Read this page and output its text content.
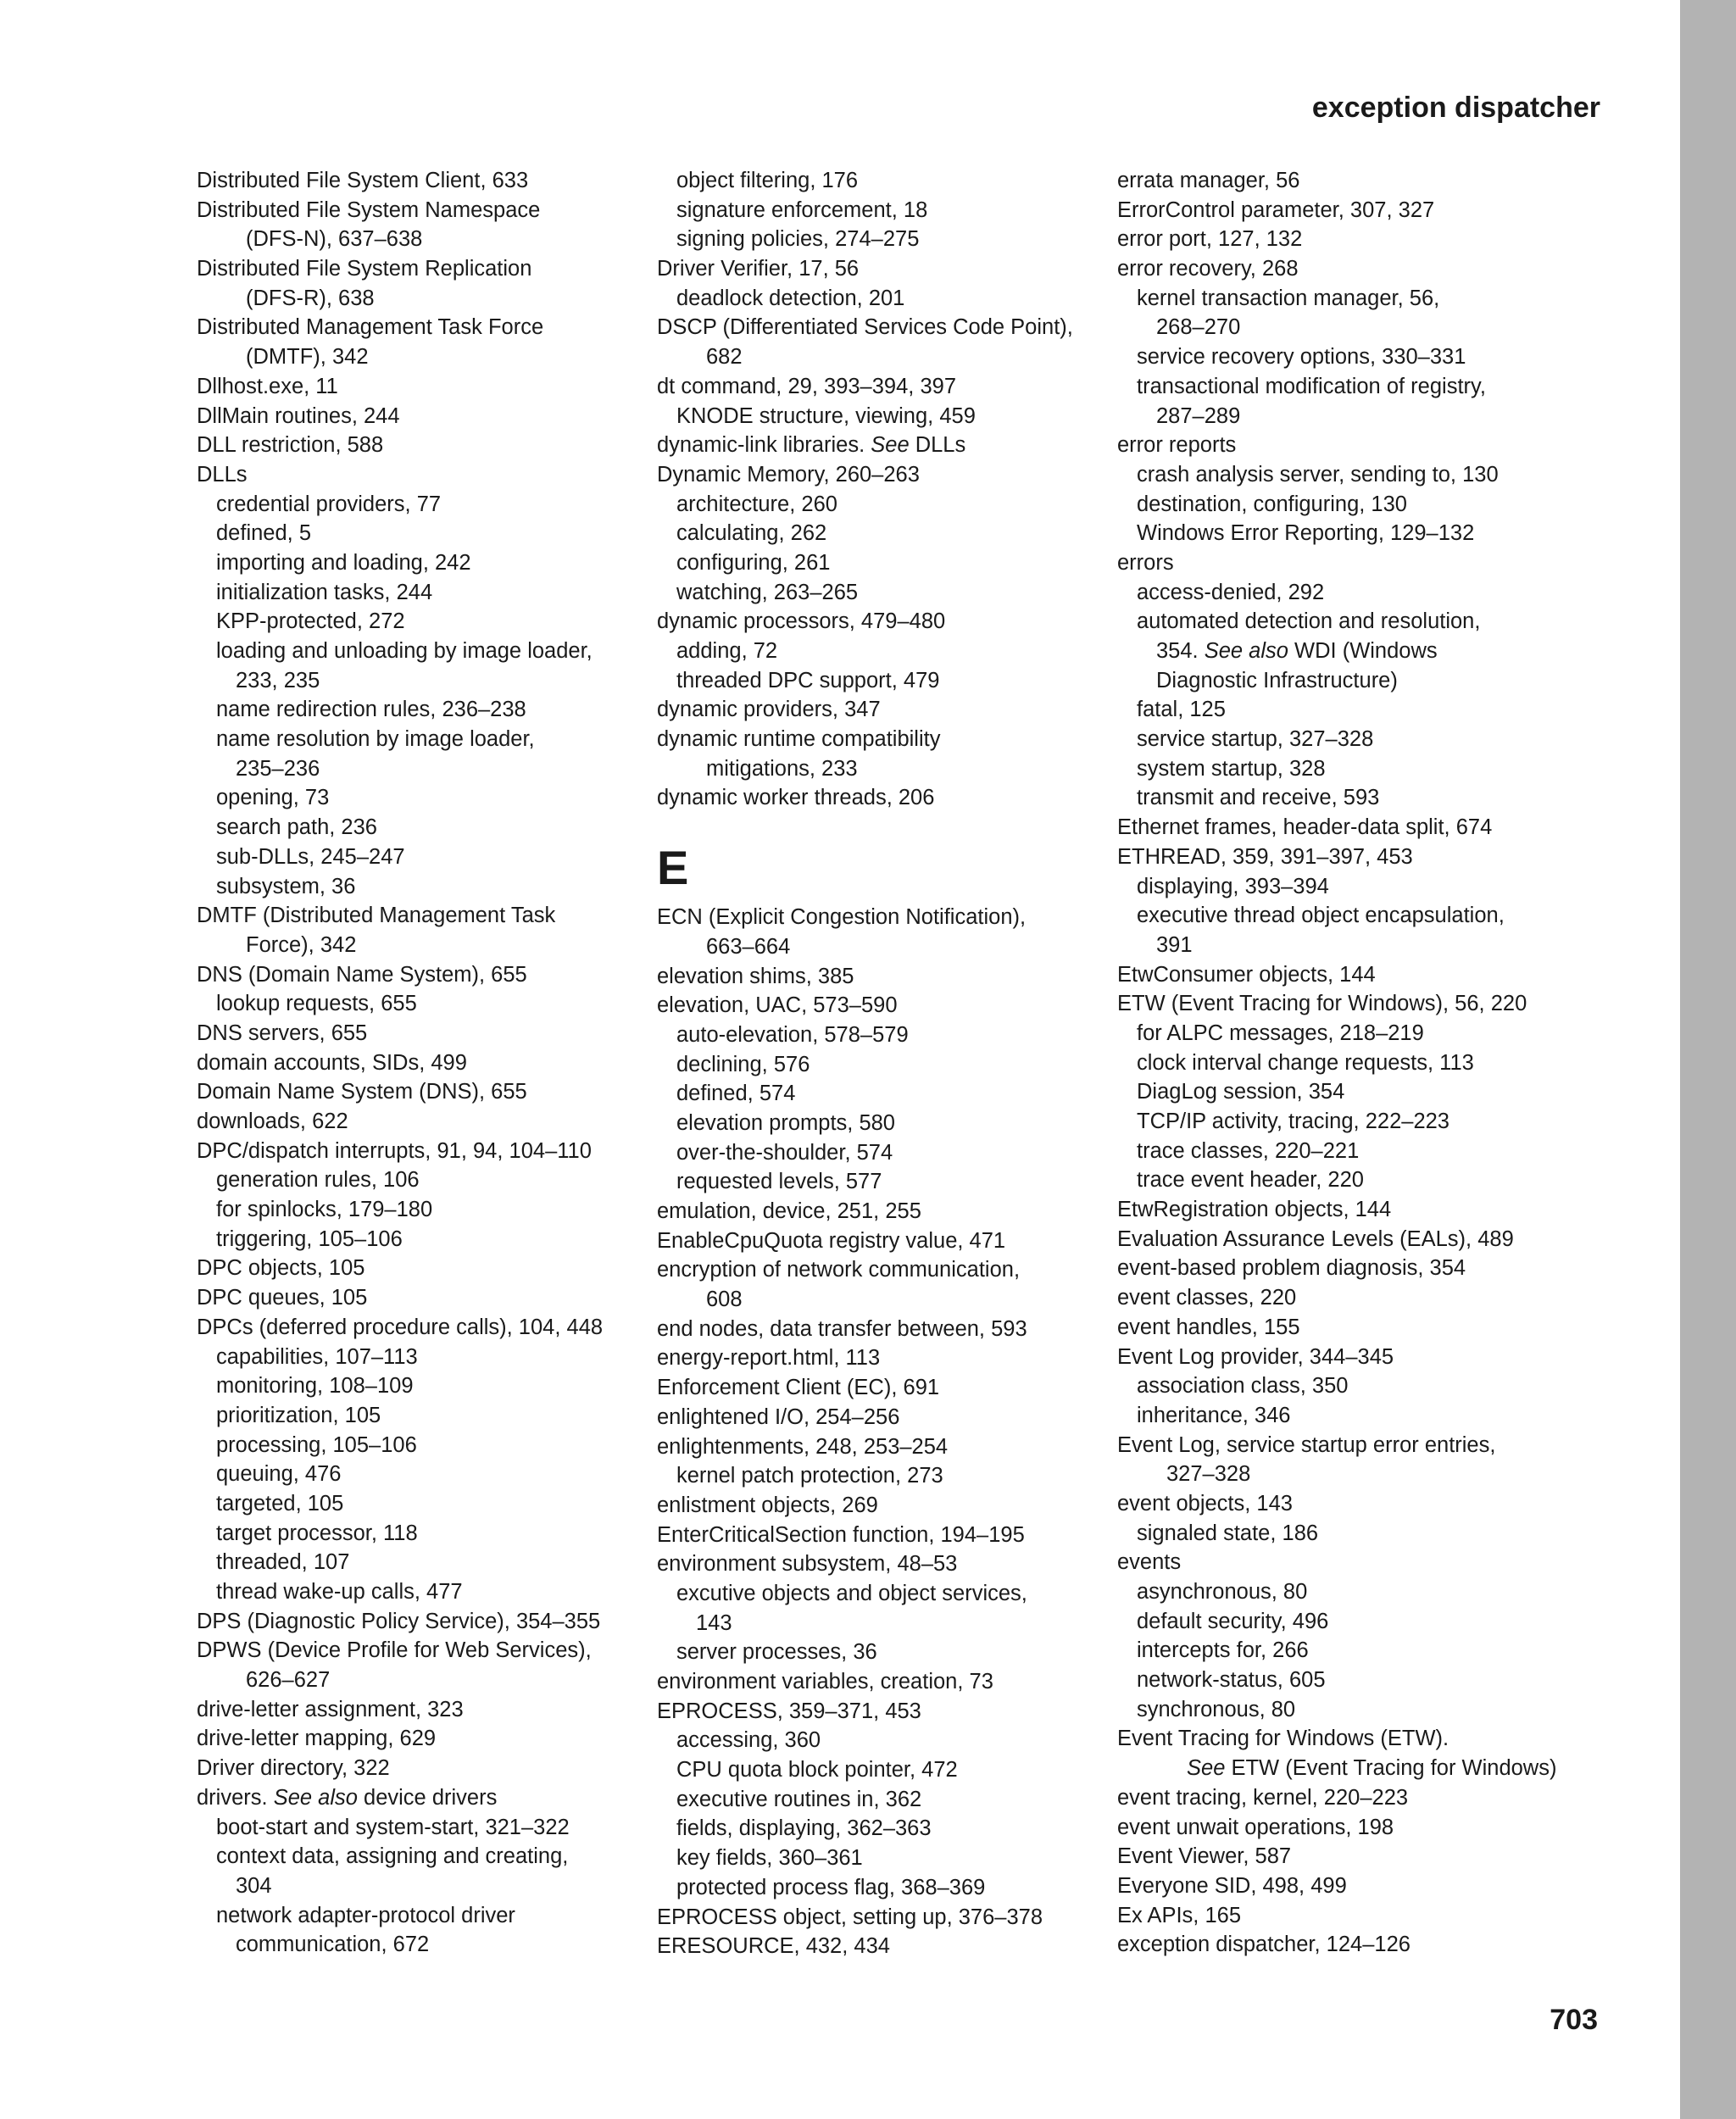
exception dispatcher
Distributed File System Client, 633
Distributed File System Namespace
(DFS-N), 637–638
Distributed File System Replication
(DFS-R), 638
Distributed Management Task Force
(DMTF), 342
Dllhost.exe, 11
DllMain routines, 244
DLL restriction, 588
DLLs
credential providers, 77
defined, 5
importing and loading, 242
initialization tasks, 244
KPP-protected, 272
loading and unloading by image loader,
233, 235
name redirection rules, 236–238
name resolution by image loader,
235–236
opening, 73
search path, 236
sub-DLLs, 245–247
subsystem, 36
DMTF (Distributed Management Task
Force), 342
DNS (Domain Name System), 655
lookup requests, 655
DNS servers, 655
domain accounts, SIDs, 499
Domain Name System (DNS), 655
downloads, 622
DPC/dispatch interrupts, 91, 94, 104–110
generation rules, 106
for spinlocks, 179–180
triggering, 105–106
DPC objects, 105
DPC queues, 105
DPCs (deferred procedure calls), 104, 448
capabilities, 107–113
monitoring, 108–109
prioritization, 105
processing, 105–106
queuing, 476
targeted, 105
target processor, 118
threaded, 107
thread wake-up calls, 477
DPS (Diagnostic Policy Service), 354–355
DPWS (Device Profile for Web Services),
626–627
drive-letter assignment, 323
drive-letter mapping, 629
Driver directory, 322
drivers. See also device drivers
boot-start and system-start, 321–322
context data, assigning and creating,
304
network adapter-protocol driver
communication, 672
object filtering, 176
signature enforcement, 18
signing policies, 274–275
Driver Verifier, 17, 56
deadlock detection, 201
DSCP (Differentiated Services Code Point),
682
dt command, 29, 393–394, 397
KNODE structure, viewing, 459
dynamic-link libraries. See DLLs
Dynamic Memory, 260–263
architecture, 260
calculating, 262
configuring, 261
watching, 263–265
dynamic processors, 479–480
adding, 72
threaded DPC support, 479
dynamic providers, 347
dynamic runtime compatibility
mitigations, 233
dynamic worker threads, 206
E
ECN (Explicit Congestion Notification),
663–664
elevation shims, 385
elevation, UAC, 573–590
auto-elevation, 578–579
declining, 576
defined, 574
elevation prompts, 580
over-the-shoulder, 574
requested levels, 577
emulation, device, 251, 255
EnableCpuQuota registry value, 471
encryption of network communication,
608
end nodes, data transfer between, 593
energy-report.html, 113
Enforcement Client (EC), 691
enlightened I/O, 254–256
enlightenments, 248, 253–254
kernel patch protection, 273
enlistment objects, 269
EnterCriticalSection function, 194–195
environment subsystem, 48–53
excutive objects and object services,
143
server processes, 36
environment variables, creation, 73
EPROCESS, 359–371, 453
accessing, 360
CPU quota block pointer, 472
executive routines in, 362
fields, displaying, 362–363
key fields, 360–361
protected process flag, 368–369
EPROCESS object, setting up, 376–378
ERESOURCE, 432, 434
errata manager, 56
ErrorControl parameter, 307, 327
error port, 127, 132
error recovery, 268
kernel transaction manager, 56,
268–270
service recovery options, 330–331
transactional modification of registry,
287–289
error reports
crash analysis server, sending to, 130
destination, configuring, 130
Windows Error Reporting, 129–132
errors
access-denied, 292
automated detection and resolution,
354. See also WDI (Windows
Diagnostic Infrastructure)
fatal, 125
service startup, 327–328
system startup, 328
transmit and receive, 593
Ethernet frames, header-data split, 674
ETHREAD, 359, 391–397, 453
displaying, 393–394
executive thread object encapsulation,
391
EtwConsumer objects, 144
ETW (Event Tracing for Windows), 56, 220
for ALPC messages, 218–219
clock interval change requests, 113
DiagLog session, 354
TCP/IP activity, tracing, 222–223
trace classes, 220–221
trace event header, 220
EtwRegistration objects, 144
Evaluation Assurance Levels (EALs), 489
event-based problem diagnosis, 354
event classes, 220
event handles, 155
Event Log provider, 344–345
association class, 350
inheritance, 346
Event Log, service startup error entries,
327–328
event objects, 143
signaled state, 186
events
asynchronous, 80
default security, 496
intercepts for, 266
network-status, 605
synchronous, 80
Event Tracing for Windows (ETW).
See ETW (Event Tracing for Windows)
event tracing, kernel, 220–223
event unwait operations, 198
Event Viewer, 587
Everyone SID, 498, 499
Ex APIs, 165
exception dispatcher, 124–126
703
